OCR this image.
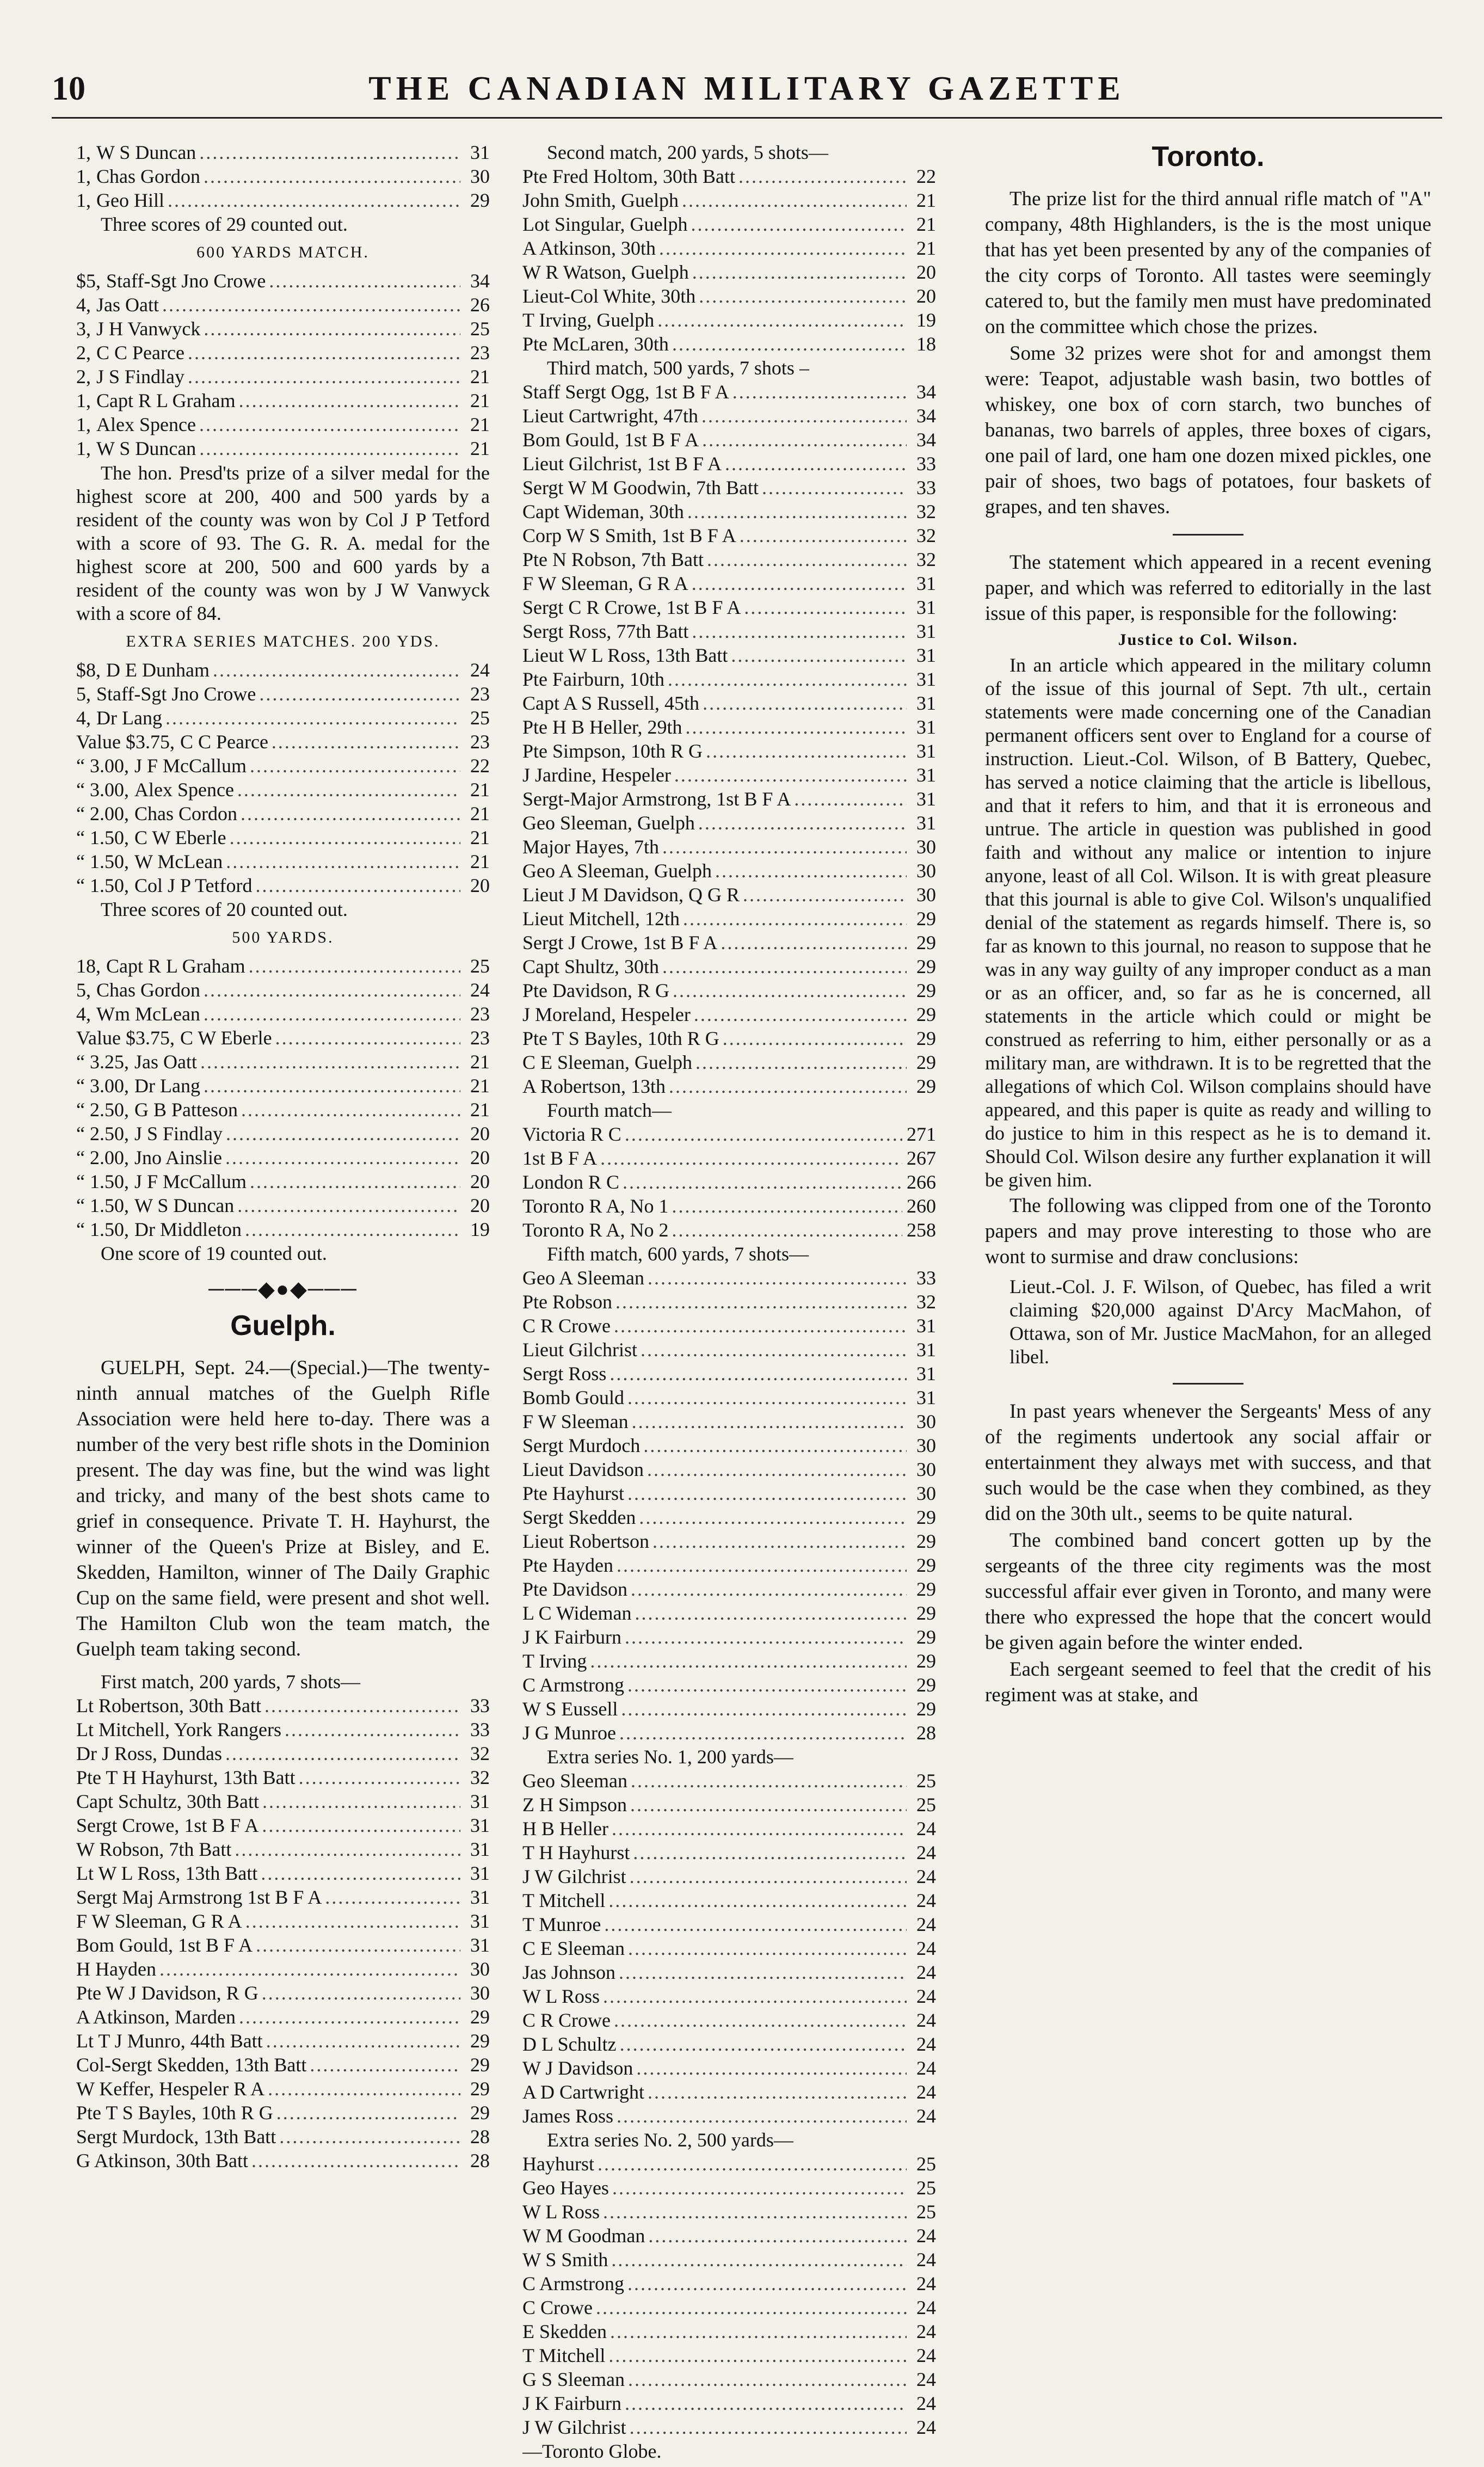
10	THE CANADIAN MILITARY GAZETTE
1, W S Duncan .....	31
1, Chas Gordon .....	30
1, Geo Hill .....	29
Three scores of 29 counted out.
600 YARDS MATCH.
$5, Staff-Sgt Jno Crowe .....	34
4, Jas Oatt .....	26
3, J H Vanwyck .....	25
2, C C Pearce .....	23
2, J S Findlay .....	21
1, Capt R L Graham .....	21
1, Alex Spence .....	21
1, W S Duncan .....	21

The hon. Presd'ts prize of a silver medal for the highest score at 200, 400 and 500 yards by a resident of the county was won by Col J P Tetford with a score of 93. The G. R. A. medal for the highest score at 200, 500 and 600 yards by a resident of the county was won by J W Vanwyck with a score of 84.

EXTRA SERIES MATCHES. 200 YDS.
$8, D E Dunham .....	24
5, Staff-Sgt Jno Crowe .....	23
4, Dr Lang .....	25
Value $3.75, C C Pearce .....	23
“ 3.00, J F McCallum .....	22
“ 3.00, Alex Spence .....	21
“ 2.00, Chas Cordon .....	21
“ 1.50, C W Eberle .....	21
“ 1.50, W McLean .....	21
“ 1.50, Col J P Tetford .....	20
Three scores of 20 counted out.
500 YARDS.
18, Capt R L Graham .....	25
5, Chas Gordon .....	24
4, Wm McLean .....	23
Value $3.75, C W Eberle .....	23
“ 3.25, Jas Oatt .....	21
“ 3.00, Dr Lang .....	21
“ 2.50, G B Patteson .....	21
“ 2.50, J S Findlay .....	20
“ 2.00, Jno Ainslie .....	20
“ 1.50, J F McCallum .....	20
“ 1.50, W S Duncan .....	20
“ 1.50, Dr Middleton .....	19
One score of 19 counted out.
───◆●◆───
Guelph.

GUELPH, Sept. 24.—(Special.)—The twenty-ninth annual matches of the Guelph Rifle Association were held here to-day. There was a number of the very best rifle shots in the Dominion present. The day was fine, but the wind was light and tricky, and many of the best shots came to grief in consequence. Private T. H. Hayhurst, the winner of the Queen's Prize at Bisley, and E. Skedden, Hamilton, winner of The Daily Graphic Cup on the same field, were present and shot well. The Hamilton Club won the team match, the Guelph team taking second.

First match, 200 yards, 7 shots—
Lt Robertson, 30th Batt .....	33
Lt Mitchell, York Rangers .....	33
Dr J Ross, Dundas .....	32
Pte T H Hayhurst, 13th Batt .....	32
Capt Schultz, 30th Batt .....	31
Sergt Crowe, 1st B F A .....	31
W Robson, 7th Batt .....	31
Lt W L Ross, 13th Batt .....	31
Sergt Maj Armstrong 1st B F A .....	31
F W Sleeman, G R A .....	31
Bom Gould, 1st B F A .....	31
H Hayden .....	30
Pte W J Davidson, R G .....	30
A Atkinson, Marden .....	29
Lt T J Munro, 44th Batt .....	29
Col-Sergt Skedden, 13th Batt .....	29
W Keffer, Hespeler R A .....	29
Pte T S Bayles, 10th R G .....	29
Sergt Murdock, 13th Batt .....	28
G Atkinson, 30th Batt .....	28
Second match, 200 yards, 5 shots—
Pte Fred Holtom, 30th Batt .....	22
John Smith, Guelph .....	21
Lot Singular, Guelph .....	21
A Atkinson, 30th .....	21
W R Watson, Guelph .....	20
Lieut-Col White, 30th .....	20
T Irving, Guelph .....	19
Pte McLaren, 30th .....	18
Third match, 500 yards, 7 shots –
Staff Sergt Ogg, 1st B F A .....	34
Lieut Cartwright, 47th .....	34
Bom Gould, 1st B F A .....	34
Lieut Gilchrist, 1st B F A .....	33
Sergt W M Goodwin, 7th Batt .....	33
Capt Wideman, 30th .....	32
Corp W S Smith, 1st B F A .....	32
Pte N Robson, 7th Batt .....	32
F W Sleeman, G R A .....	31
Sergt C R Crowe, 1st B F A .....	31
Sergt Ross, 77th Batt .....	31
Lieut W L Ross, 13th Batt .....	31
Pte Fairburn, 10th .....	31
Capt A S Russell, 45th .....	31
Pte H B Heller, 29th .....	31
Pte Simpson, 10th R G .....	31
J Jardine, Hespeler .....	31
Sergt-Major Armstrong, 1st B F A .....	31
Geo Sleeman, Guelph .....	31
Major Hayes, 7th .....	30
Geo A Sleeman, Guelph .....	30
Lieut J M Davidson, Q G R .....	30
Lieut Mitchell, 12th .....	29
Sergt J Crowe, 1st B F A .....	29
Capt Shultz, 30th .....	29
Pte Davidson, R G .....	29
J Moreland, Hespeler .....	29
Pte T S Bayles, 10th R G .....	29
C E Sleeman, Guelph .....	29
A Robertson, 13th .....	29
Fourth match—
Victoria R C .....	271
1st B F A .....	267
London R C .....	266
Toronto R A, No 1 .....	260
Toronto R A, No 2 .....	258
Fifth match, 600 yards, 7 shots—
Geo A Sleeman .....	33
Pte Robson .....	32
C R Crowe .....	31
Lieut Gilchrist .....	31
Sergt Ross .....	31
Bomb Gould .....	31
F W Sleeman .....	30
Sergt Murdoch .....	30
Lieut Davidson .....	30
Pte Hayhurst .....	30
Sergt Skedden .....	29
Lieut Robertson .....	29
Pte Hayden .....	29
Pte Davidson .....	29
L C Wideman .....	29
J K Fairburn .....	29
T Irving .....	29
C Armstrong .....	29
W S Eussell .....	29
J G Munroe .....	28
Extra series No. 1, 200 yards—
Geo Sleeman .....	25
Z H Simpson .....	25
H B Heller .....	24
T H Hayhurst .....	24
J W Gilchrist .....	24
T Mitchell .....	24
T Munroe .....	24
C E Sleeman .....	24
Jas Johnson .....	24
W L Ross .....	24
C R Crowe .....	24
D L Schultz .....	24
W J Davidson .....	24
A D Cartwright .....	24
James Ross .....	24
Extra series No. 2, 500 yards—
Hayhurst .....	25
Geo Hayes .....	25
W L Ross .....	25
W M Goodman .....	24
W S Smith .....	24
C Armstrong .....	24
C Crowe .....	24
E Skedden .....	24
T Mitchell .....	24
G S Sleeman .....	24
J K Fairburn .....	24
J W Gilchrist .....	24
—Toronto Globe.
Toronto.

The prize list for the third annual rifle match of "A" company, 48th Highlanders, is the is the most unique that has yet been presented by any of the companies of the city corps of Toronto. All tastes were seemingly catered to, but the family men must have predominated on the committee which chose the prizes.

Some 32 prizes were shot for and amongst them were: Teapot, adjustable wash basin, two bottles of whiskey, one box of corn starch, two bunches of bananas, two barrels of apples, three boxes of cigars, one pail of lard, one ham one dozen mixed pickles, one pair of shoes, two bags of potatoes, four baskets of grapes, and ten shaves.

The statement which appeared in a recent evening paper, and which was referred to editorially in the last issue of this paper, is responsible for the following:

Justice to Col. Wilson.

In an article which appeared in the military column of the issue of this journal of Sept. 7th ult., certain statements were made concerning one of the Canadian permanent officers sent over to England for a course of instruction. Lieut.-Col. Wilson, of B Battery, Quebec, has served a notice claiming that the article is libellous, and that it refers to him, and that it is erroneous and untrue. The article in question was published in good faith and without any malice or intention to injure anyone, least of all Col. Wilson. It is with great pleasure that this journal is able to give Col. Wilson's unqualified denial of the statement as regards himself. There is, so far as known to this journal, no reason to suppose that he was in any way guilty of any improper conduct as a man or as an officer, and, so far as he is concerned, all statements in the article which could or might be construed as referring to him, either personally or as a military man, are withdrawn. It is to be regretted that the allegations of which Col. Wilson complains should have appeared, and this paper is quite as ready and willing to do justice to him in this respect as he is to demand it. Should Col. Wilson desire any further explanation it will be given him.

The following was clipped from one of the Toronto papers and may prove interesting to those who are wont to surmise and draw conclusions:

Lieut.-Col. J. F. Wilson, of Quebec, has filed a writ claiming $20,000 against D'Arcy MacMahon, of Ottawa, son of Mr. Justice MacMahon, for an alleged libel.

In past years whenever the Sergeants' Mess of any of the regiments undertook any social affair or entertainment they always met with success, and that such would be the case when they combined, as they did on the 30th ult., seems to be quite natural.

The combined band concert gotten up by the sergeants of the three city regiments was the most successful affair ever given in Toronto, and many were there who expressed the hope that the concert would be given again before the winter ended.

Each sergeant seemed to feel that the credit of his regiment was at stake, and
